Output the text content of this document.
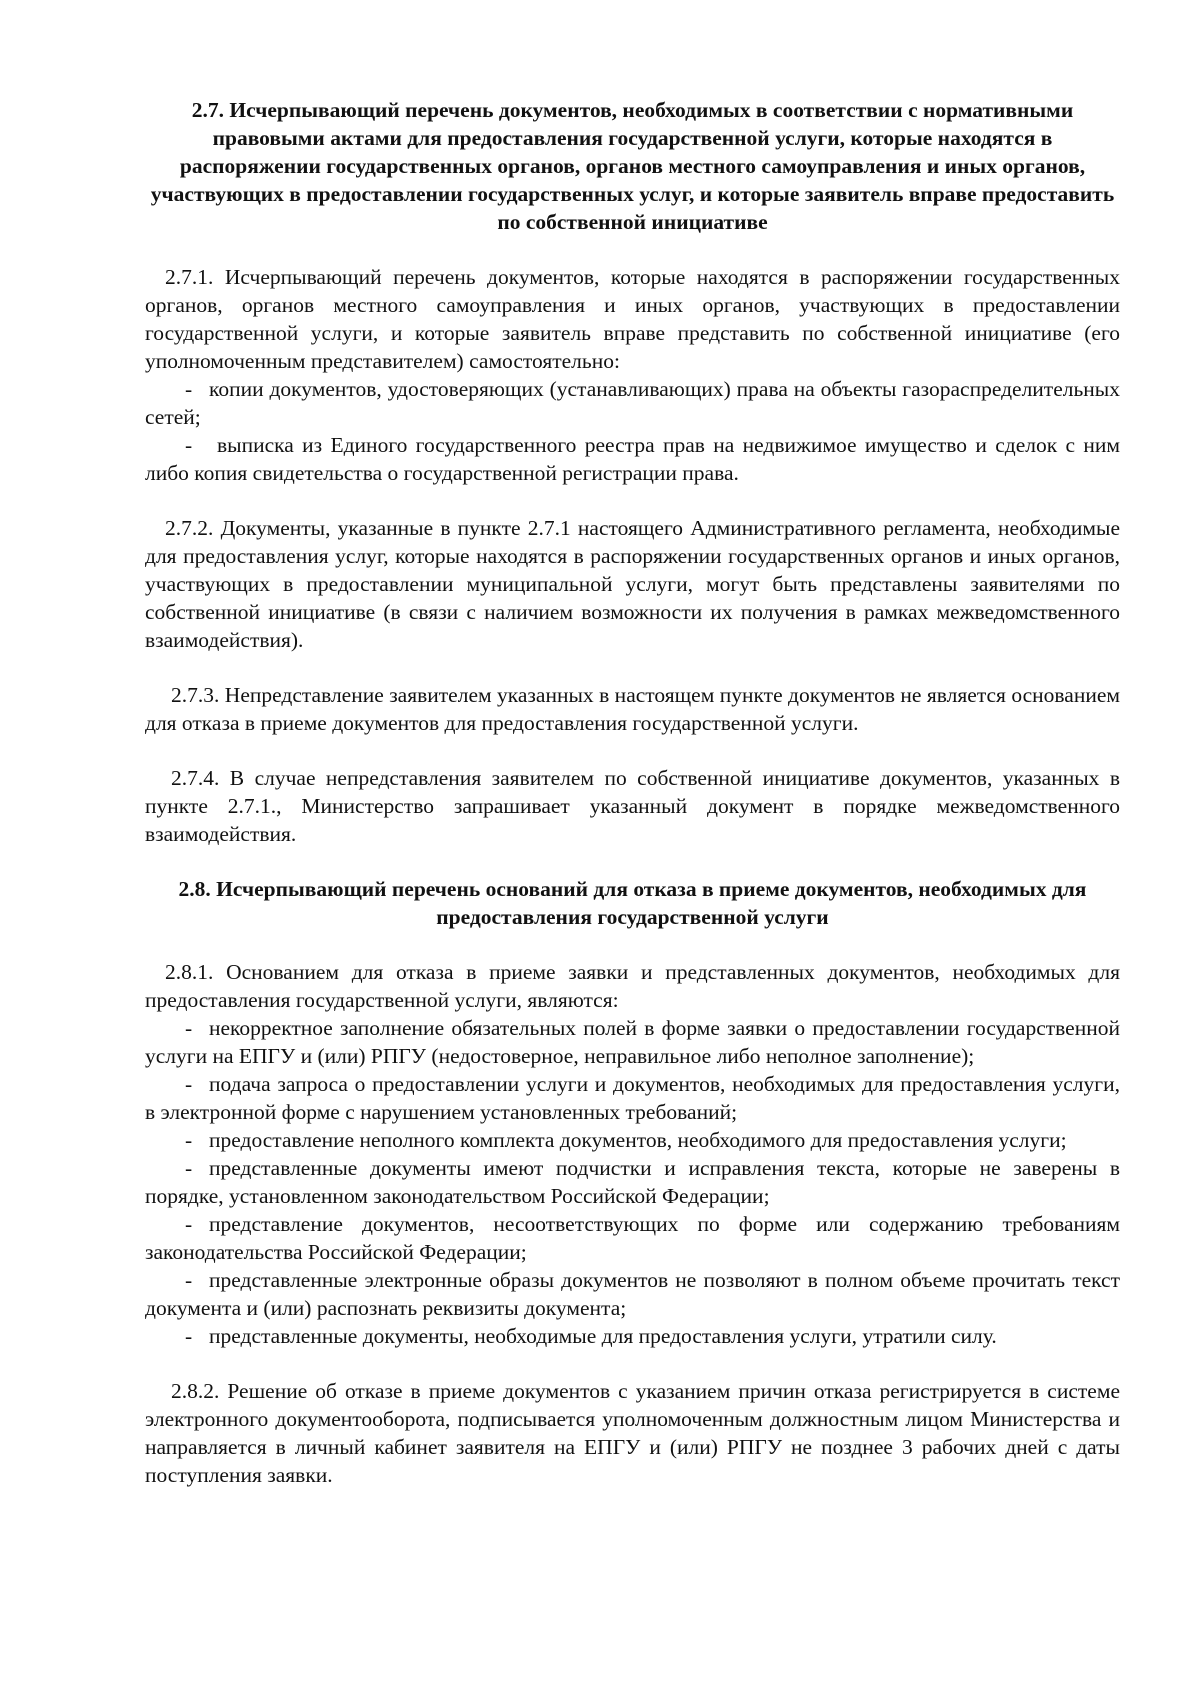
2.7. Исчерпывающий перечень документов, необходимых в соответствии с нормативными правовыми актами для предоставления государственной услуги, которые находятся в распоряжении государственных органов, органов местного самоуправления и иных органов, участвующих в предоставлении государственных услуг, и которые заявитель вправе предоставить по собственной инициативе

2.7.1. Исчерпывающий перечень документов, которые находятся в распоряжении государственных органов, органов местного самоуправления и иных органов, участвующих в предоставлении государственной услуги, и которые заявитель вправе представить по собственной инициативе (его уполномоченным представителем) самостоятельно:

- копии документов, удостоверяющих (устанавливающих) права на объекты газораспределительных сетей;

- выписка из Единого государственного реестра прав на недвижимое имущество и сделок с ним либо копия свидетельства о государственной регистрации права.

2.7.2. Документы, указанные в пункте 2.7.1 настоящего Административного регламента, необходимые для предоставления услуг, которые находятся в распоряжении государственных органов и иных органов, участвующих в предоставлении муниципальной услуги, могут быть представлены заявителями по собственной инициативе (в связи с наличием возможности их получения в рамках межведомственного взаимодействия).

2.7.3. Непредставление заявителем указанных в настоящем пункте документов не является основанием для отказа в приеме документов для предоставления государственной услуги.

2.7.4. В случае непредставления заявителем по собственной инициативе документов, указанных в пункте 2.7.1., Министерство запрашивает указанный документ в порядке межведомственного взаимодействия.

2.8. Исчерпывающий перечень оснований для отказа в приеме документов, необходимых для предоставления государственной услуги

2.8.1. Основанием для отказа в приеме заявки и представленных документов, необходимых для предоставления государственной услуги, являются:

- некорректное заполнение обязательных полей в форме заявки о предоставлении государственной услуги на ЕПГУ и (или) РПГУ (недостоверное, неправильное либо неполное заполнение);

- подача запроса о предоставлении услуги и документов, необходимых для предоставления услуги, в электронной форме с нарушением установленных требований;

- предоставление неполного комплекта документов, необходимого для предоставления услуги;

- представленные документы имеют подчистки и исправления текста, которые не заверены в порядке, установленном законодательством Российской Федерации;

- представление документов, несоответствующих по форме или содержанию требованиям законодательства Российской Федерации;

- представленные электронные образы документов не позволяют в полном объеме прочитать текст документа и (или) распознать реквизиты документа;

- представленные документы, необходимые для предоставления услуги, утратили силу.

2.8.2. Решение об отказе в приеме документов с указанием причин отказа регистрируется в системе электронного документооборота, подписывается уполномоченным должностным лицом Министерства и направляется в личный кабинет заявителя на ЕПГУ и (или) РПГУ не позднее 3 рабочих дней с даты поступления заявки.
